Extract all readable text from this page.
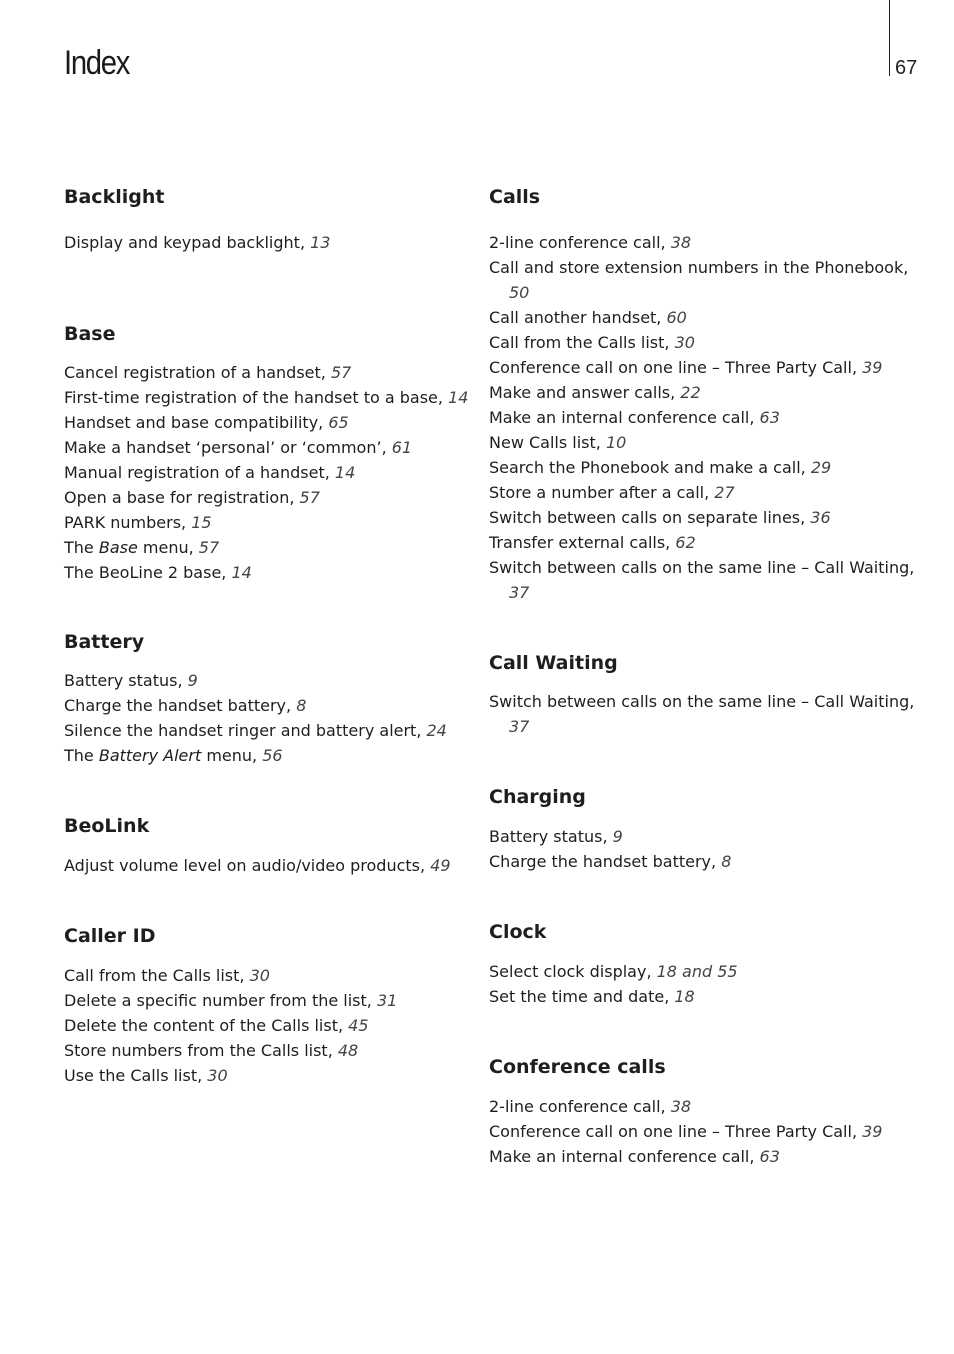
Index	67
Backlight
Display and keypad backlight, 13
Base
Cancel registration of a handset, 57
First-time registration of the handset to a base, 14
Handset and base compatibility, 65
Make a handset ‘personal’ or ‘common’, 61
Manual registration of a handset, 14
Open a base for registration, 57
PARK numbers, 15
The Base menu, 57
The BeoLine 2 base, 14
Battery
Battery status, 9
Charge the handset battery, 8
Silence the handset ringer and battery alert, 24
The Battery Alert menu, 56
BeoLink
Adjust volume level on audio/video products, 49
Caller ID
Call from the Calls list, 30
Delete a specific number from the list, 31
Delete the content of the Calls list, 45
Store numbers from the Calls list, 48
Use the Calls list, 30
Calls
2-line conference call, 38
Call and store extension numbers in the Phonebook, 50
Call another handset, 60
Call from the Calls list, 30
Conference call on one line – Three Party Call, 39
Make and answer calls, 22
Make an internal conference call, 63
New Calls list, 10
Search the Phonebook and make a call, 29
Store a number after a call, 27
Switch between calls on separate lines, 36
Transfer external calls, 62
Switch between calls on the same line – Call Waiting, 37
Call Waiting
Switch between calls on the same line – Call Waiting, 37
Charging
Battery status, 9
Charge the handset battery, 8
Clock
Select clock display, 18 and 55
Set the time and date, 18
Conference calls
2-line conference call, 38
Conference call on one line – Three Party Call, 39
Make an internal conference call, 63
